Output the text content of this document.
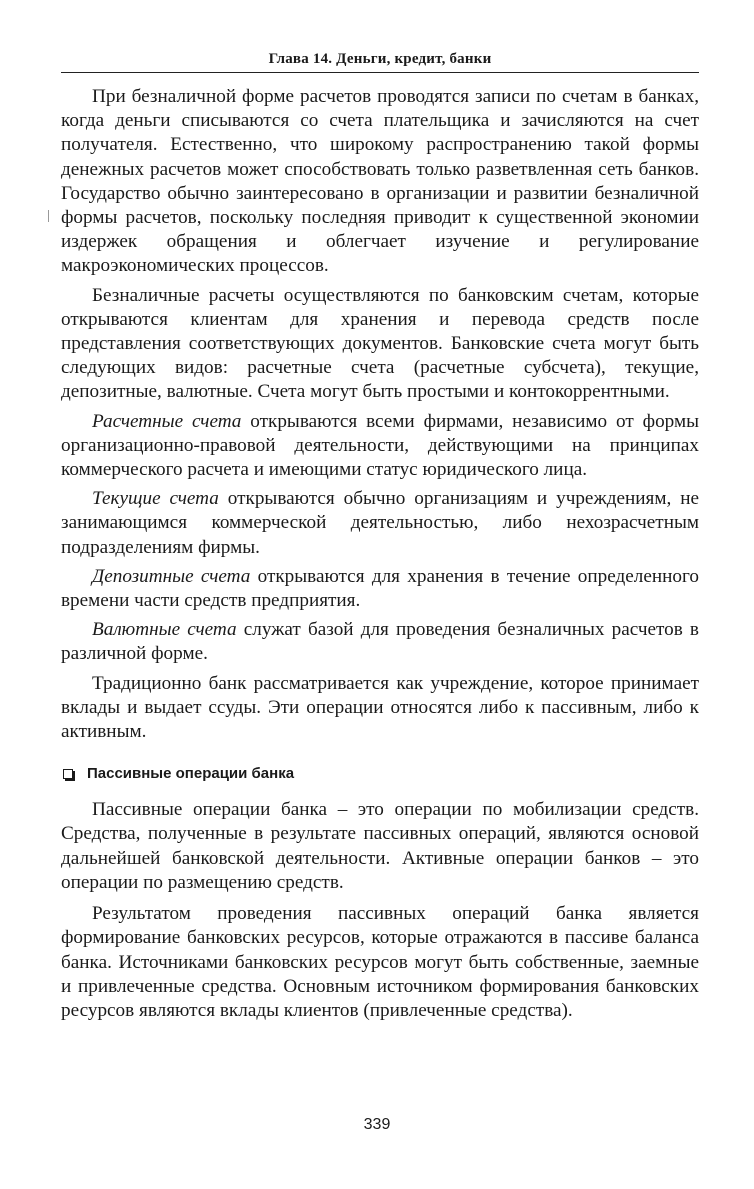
Глава 14. Деньги, кредит, банки

При безналичной форме расчетов проводятся записи по счетам в банках, когда деньги списываются со счета плательщика и зачисляются на счет получателя. Естественно, что широкому распространению такой формы денежных расчетов может способствовать только разветвленная сеть банков. Государство обычно заинтересовано в организации и развитии безналичной формы расчетов, поскольку последняя приводит к существенной экономии издержек обращения и облегчает изучение и регулирование макроэкономических процессов.

Безналичные расчеты осуществляются по банковским счетам, которые открываются клиентам для хранения и перевода средств после представления соответствующих документов. Банковские счета могут быть следующих видов: расчетные счета (расчетные субсчета), текущие, депозитные, валютные. Счета могут быть простыми и контокоррентными.

Расчетные счета открываются всеми фирмами, независимо от формы организационно-правовой деятельности, действующими на принципах коммерческого расчета и имеющими статус юридического лица.

Текущие счета открываются обычно организациям и учреждениям, не занимающимся коммерческой деятельностью, либо нехозрасчетным подразделениям фирмы.

Депозитные счета открываются для хранения в течение определенного времени части средств предприятия.

Валютные счета служат базой для проведения безналичных расчетов в различной форме.

Традиционно банк рассматривается как учреждение, которое принимает вклады и выдает ссуды. Эти операции относятся либо к пассивным, либо к активным.

Пассивные операции банка

Пассивные операции банка – это операции по мобилизации средств. Средства, полученные в результате пассивных операций, являются основой дальнейшей банковской деятельности. Активные операции банков – это операции по размещению средств.

Результатом проведения пассивных операций банка является формирование банковских ресурсов, которые отражаются в пассиве баланса банка. Источниками банковских ресурсов могут быть собственные, заемные и привлеченные средства. Основным источником формирования банковских ресурсов являются вклады клиентов (привлеченные средства).

339
